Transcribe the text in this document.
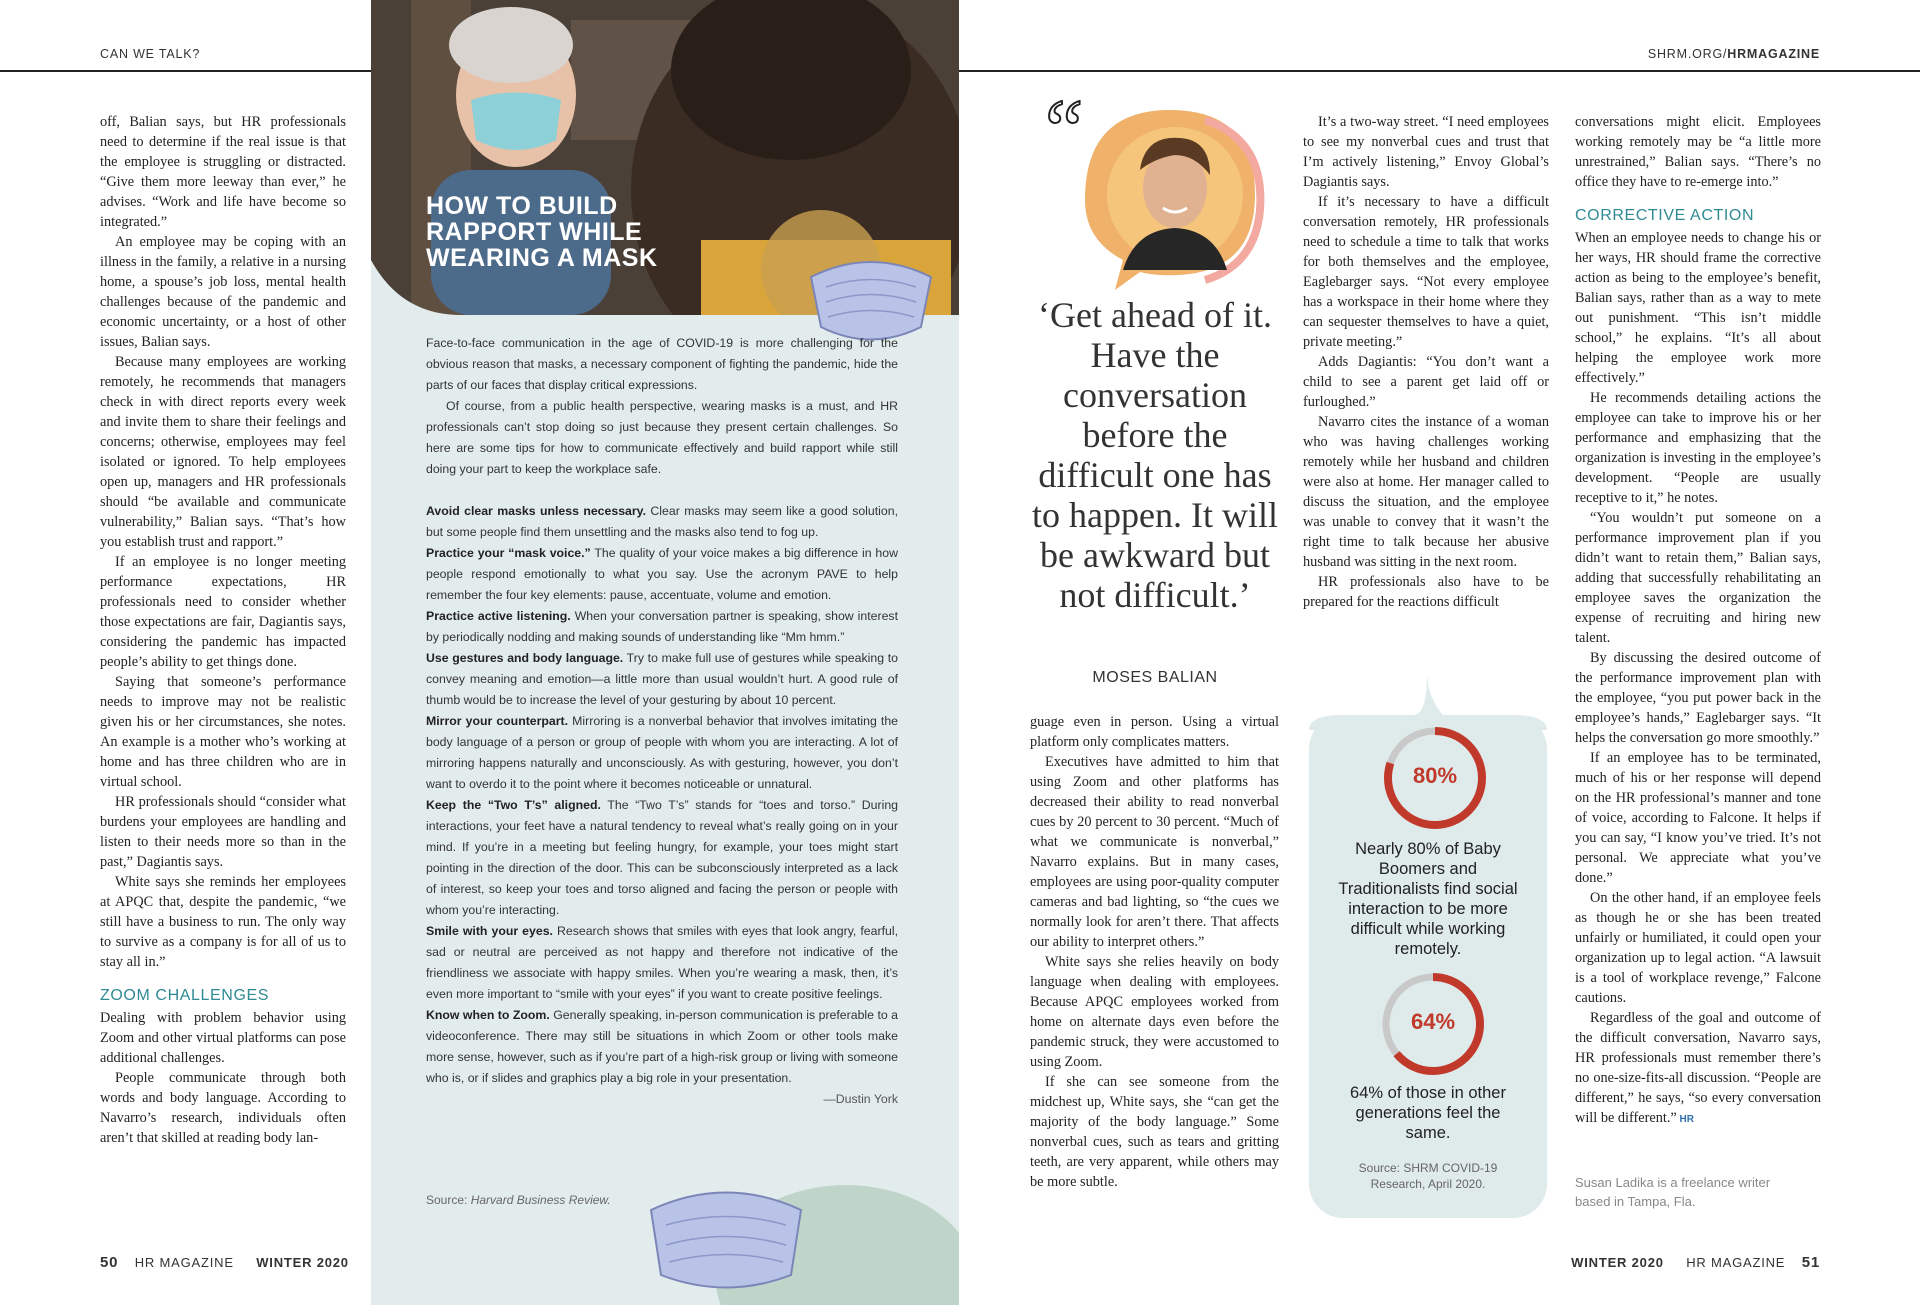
CAN WE TALK?	SHRM.ORG/HRMAGAZINE

off, Balian says, but HR professionals need to determine if the real issue is that the employee is struggling or distracted. “Give them more leeway than ever,” he advises. “Work and life have become so integrated.”

An employee may be coping with an illness in the family, a relative in a nursing home, a spouse’s job loss, mental health challenges because of the pandemic and economic uncertainty, or a host of other issues, Balian says.

Because many employees are working remotely, he recommends that managers check in with direct reports every week and invite them to share their feelings and concerns; otherwise, employees may feel isolated or ignored. To help employees open up, managers and HR professionals should “be available and communicate vulnerability,” Balian says. “That’s how you establish trust and rapport.”

If an employee is no longer meeting performance expectations, HR professionals need to consider whether those expectations are fair, Dagiantis says, considering the pandemic has impacted people’s ability to get things done.

Saying that someone’s performance needs to improve may not be realistic given his or her circumstances, she notes. An example is a mother who’s working at home and has three children who are in virtual school.

HR professionals should “consider what burdens your employees are handling and listen to their needs more so than in the past,” Dagiantis says.

White says she reminds her employees at APQC that, despite the pandemic, “we still have a business to run. The only way to survive as a company is for all of us to stay all in.”

ZOOM CHALLENGES

Dealing with problem behavior using Zoom and other virtual platforms can pose additional challenges.

People communicate through both words and body language. According to Navarro’s research, individuals often aren’t that skilled at reading body lan-

HOW TO BUILD
RAPPORT WHILE
WEARING A MASK

Face-to-face communication in the age of COVID-19 is more challenging for the obvious reason that masks, a necessary component of fighting the pandemic, hide the parts of our faces that display critical expressions.

Of course, from a public health perspective, wearing masks is a must, and HR professionals can’t stop doing so just because they present certain challenges. So here are some tips for how to communicate effectively and build rapport while still doing your part to keep the workplace safe.

Avoid clear masks unless necessary. Clear masks may seem like a good solution, but some people find them unsettling and the masks also tend to fog up.

Practice your “mask voice.” The quality of your voice makes a big difference in how people respond emotionally to what you say. Use the acronym PAVE to help remember the four key elements: pause, accentuate, volume and emotion.

Practice active listening. When your conversation partner is speaking, show interest by periodically nodding and making sounds of understanding like “Mm hmm.”

Use gestures and body language. Try to make full use of gestures while speaking to convey meaning and emotion—a little more than usual wouldn’t hurt. A good rule of thumb would be to increase the level of your gesturing by about 10 percent.

Mirror your counterpart. Mirroring is a nonverbal behavior that involves imitating the body language of a person or group of people with whom you are interacting. A lot of mirroring happens naturally and unconsciously. As with gesturing, however, you don’t want to overdo it to the point where it becomes noticeable or unnatural.

Keep the “Two T’s” aligned. The “Two T’s” stands for “toes and torso.” During interactions, your feet have a natural tendency to reveal what’s really going on in your mind. If you’re in a meeting but feeling hungry, for example, your toes might start pointing in the direction of the door. This can be subconsciously interpreted as a lack of interest, so keep your toes and torso aligned and facing the person or people with whom you’re interacting.

Smile with your eyes. Research shows that smiles with eyes that look angry, fearful, sad or neutral are perceived as not happy and therefore not indicative of the friendliness we associate with happy smiles. When you’re wearing a mask, then, it’s even more important to “smile with your eyes” if you want to create positive feelings.

Know when to Zoom. Generally speaking, in-person communication is preferable to a videoconference. There may still be situations in which Zoom or other tools make more sense, however, such as if you’re part of a high-risk group or living with someone who is, or if slides and graphics play a big role in your presentation.

—Dustin York
Source: Harvard Business Review.
“
‘Get ahead of it. Have the conversation before the difficult one has to happen. It will be awkward but not difficult.’
MOSES BALIAN

guage even in person. Using a virtual platform only complicates matters.

Executives have admitted to him that using Zoom and other platforms has decreased their ability to read nonverbal cues by 20 percent to 30 percent. “Much of what we communicate is nonverbal,” Navarro explains. But in many cases, employees are using poor-quality computer cameras and bad lighting, so “the cues we normally look for aren’t there. That affects our ability to interpret others.”

White says she relies heavily on body language when dealing with employees. Because APQC employees worked from home on alternate days even before the pandemic struck, they were accustomed to using Zoom.

If she can see someone from the midchest up, White says, she “can get the majority of the body language.” Some nonverbal cues, such as tears and gritting teeth, are very apparent, while others may be more subtle.

It’s a two-way street. “I need employees to see my nonverbal cues and trust that I’m actively listening,” Envoy Global’s Dagiantis says.

If it’s necessary to have a difficult conversation remotely, HR professionals need to schedule a time to talk that works for both themselves and the employee, Eaglebarger says. “Not every employee has a workspace in their home where they can sequester themselves to have a quiet, private meeting.”

Adds Dagiantis: “You don’t want a child to see a parent get laid off or furloughed.”

Navarro cites the instance of a woman who was having challenges working remotely while her husband and children were also at home. Her manager called to discuss the situation, and the employee was unable to convey that it wasn’t the right time to talk because her abusive husband was sitting in the next room.

HR professionals also have to be prepared for the reactions difficult

80%
Nearly 80% of Baby Boomers and Traditionalists find social interaction to be more difficult while working remotely.
64%
64% of those in other generations feel the same.
Source: SHRM COVID-19 Research, April 2020.

conversations might elicit. Employees working remotely may be “a little more unrestrained,” Balian says. “There’s no office they have to re-emerge into.”

CORRECTIVE ACTION

When an employee needs to change his or her ways, HR should frame the corrective action as being to the employee’s benefit, Balian says, rather than as a way to mete out punishment. “This isn’t middle school,” he explains. “It’s all about helping the employee work more effectively.”

He recommends detailing actions the employee can take to improve his or her performance and emphasizing that the organization is investing in the employee’s development. “People are usually receptive to it,” he notes.

“You wouldn’t put someone on a performance improvement plan if you didn’t want to retain them,” Balian says, adding that successfully rehabilitating an employee saves the organization the expense of recruiting and hiring new talent.

By discussing the desired outcome of the performance improvement plan with the employee, “you put power back in the employee’s hands,” Eaglebarger says. “It helps the conversation go more smoothly.”

If an employee has to be terminated, much of his or her response will depend on the HR professional’s manner and tone of voice, according to Falcone. It helps if you can say, “I know you’ve tried. It’s not personal. We appreciate what you’ve done.”

On the other hand, if an employee feels as though he or she has been treated unfairly or humiliated, it could open your organization up to legal action. “A lawsuit is a tool of workplace revenge,” Falcone cautions.

Regardless of the goal and outcome of the difficult conversation, Navarro says, HR professionals must remember there’s no one-size-fits-all discussion. “People are different,” he says, “so every conversation will be different.” HR

Susan Ladika is a freelance writer
based in Tampa, Fla.
50 HR MAGAZINE WINTER 2020	WINTER 2020 HR MAGAZINE 51
